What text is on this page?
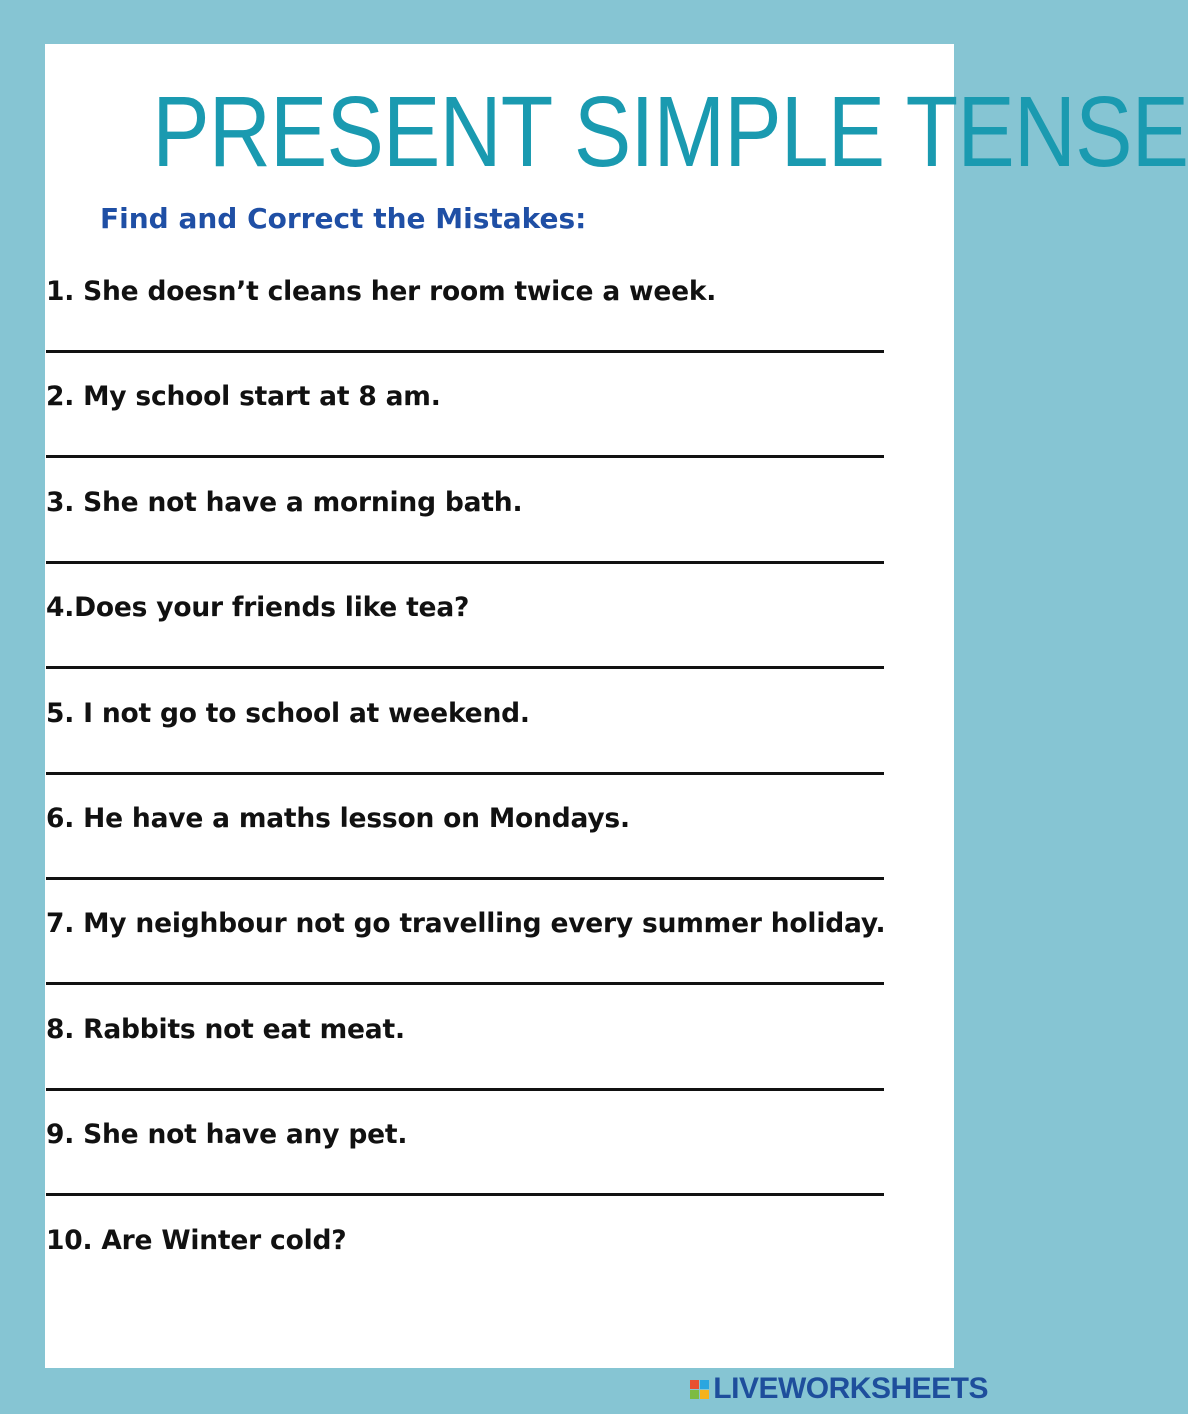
PRESENT SIMPLE TENSE
Find and Correct the Mistakes:
1. She doesn’t cleans her room twice a week.
2. My school start at 8 am.
3. She not have a morning bath.
4.Does your friends like tea?
5. I not go to school at weekend.
6. He have a maths lesson on Mondays.
7. My neighbour not go travelling every summer holiday.
8. Rabbits not eat meat.
9. She not have any pet.
10. Are Winter cold?
LIVEWORKSHEETS
